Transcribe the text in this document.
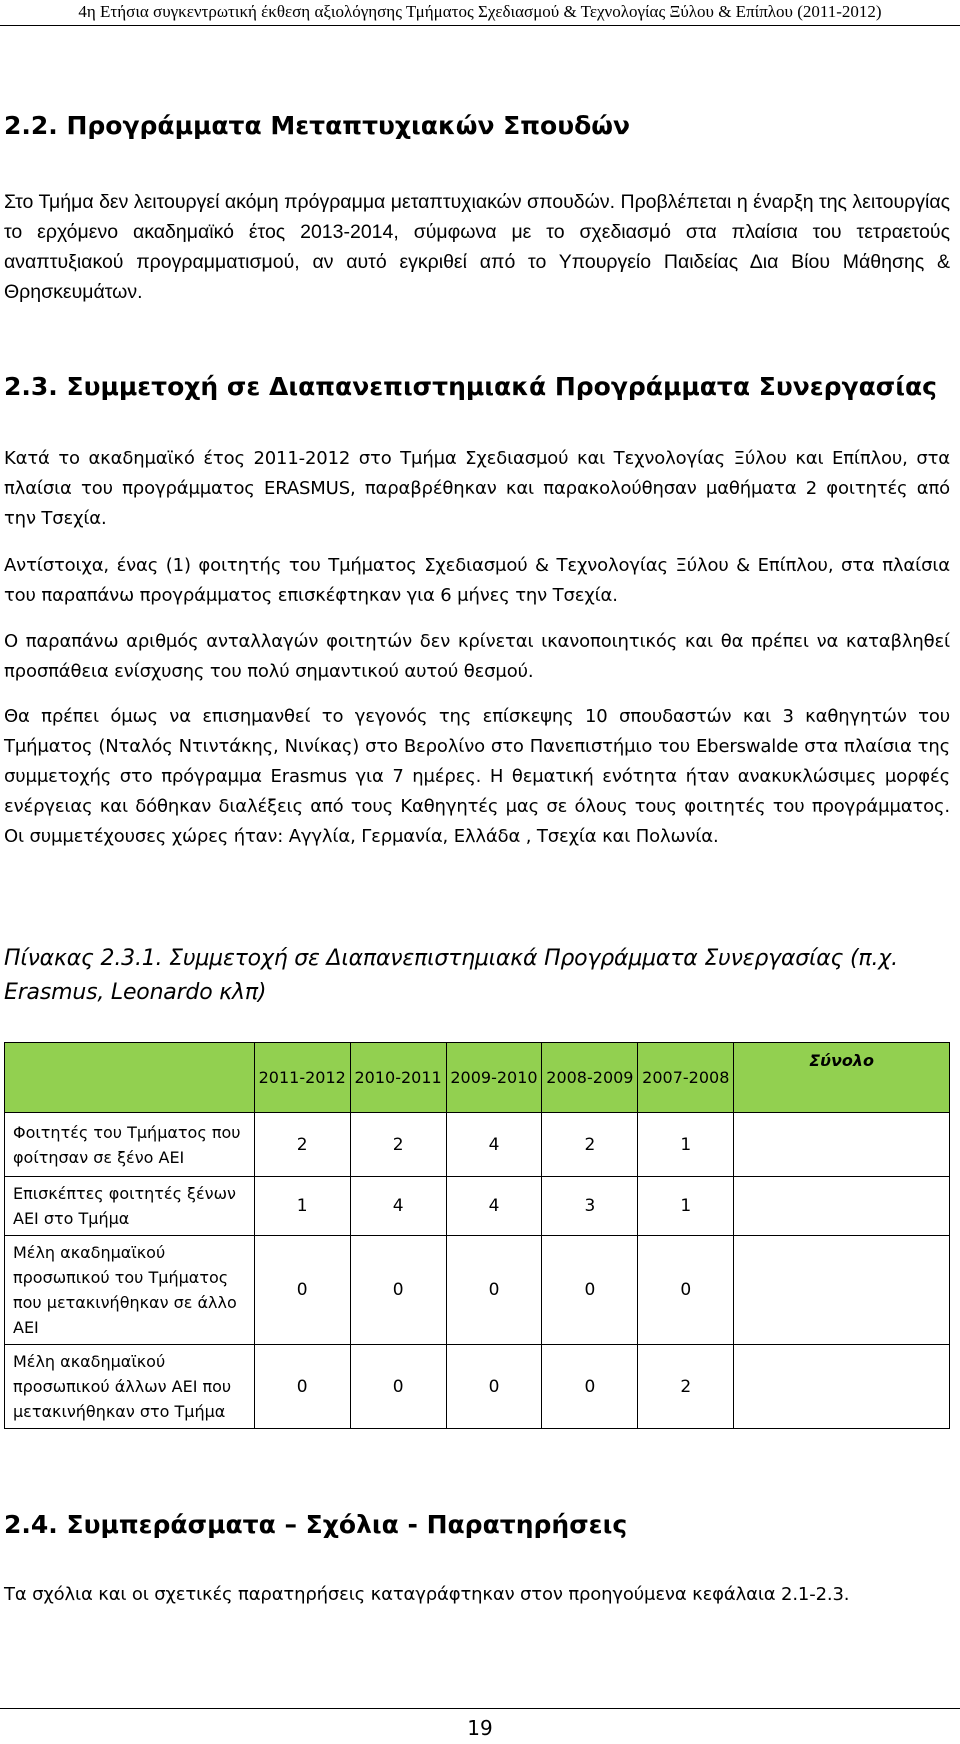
4η Ετήσια συγκεντρωτική έκθεση αξιολόγησης Τμήματος Σχεδιασμού & Τεχνολογίας Ξύλου & Επίπλου (2011-2012)
2.2. Προγράμματα Μεταπτυχιακών Σπουδών

Στο Τμήμα δεν λειτουργεί ακόμη πρόγραμμα μεταπτυχιακών σπουδών. Προβλέπεται η έναρξη της λειτουργίας το ερχόμενο ακαδημαϊκό έτος 2013-2014, σύμφωνα με το σχεδιασμό στα πλαίσια του τετραετούς αναπτυξιακού προγραμματισμού, αν αυτό εγκριθεί από το Υπουργείο Παιδείας Δια Βίου Μάθησης & Θρησκευμάτων.

2.3. Συμμετοχή σε Διαπανεπιστημιακά Προγράμματα Συνεργασίας

Κατά το ακαδημαϊκό έτος 2011-2012 στο Τμήμα Σχεδιασμού και Τεχνολογίας Ξύλου και Επίπλου, στα πλαίσια του προγράμματος ERASMUS, παραβρέθηκαν και παρακολούθησαν μαθήματα 2 φοιτητές από την Τσεχία.

Αντίστοιχα, ένας (1) φοιτητής του Τμήματος Σχεδιασμού & Τεχνολογίας Ξύλου & Επίπλου, στα πλαίσια του παραπάνω προγράμματος επισκέφτηκαν για 6 μήνες την Τσεχία.

Ο παραπάνω αριθμός ανταλλαγών φοιτητών δεν κρίνεται ικανοποιητικός και θα πρέπει να καταβληθεί προσπάθεια ενίσχυσης του πολύ σημαντικού αυτού θεσμού.

Θα πρέπει όμως να επισημανθεί το γεγονός της επίσκεψης 10 σπουδαστών και 3 καθηγητών του Τμήματος (Νταλός Ντιντάκης, Νινίκας) στο Βερολίνο στο Πανεπιστήμιο του Eberswalde στα πλαίσια της συμμετοχής στο πρόγραμμα Erasmus για 7 ημέρες. Η θεματική ενότητα ήταν ανακυκλώσιμες μορφές ενέργειας και δόθηκαν διαλέξεις από τους Καθηγητές μας σε όλους τους φοιτητές του προγράμματος. Οι συμμετέχουσες χώρες ήταν: Αγγλία, Γερμανία, Ελλάδα , Τσεχία και Πολωνία.

Πίνακας 2.3.1. Συμμετοχή σε Διαπανεπιστημιακά Προγράμματα Συνεργασίας (π.χ. Erasmus, Leonardo κλπ)

	2011-2012	2010-2011	2009-2010	2008-2009	2007-2008	Σύνολο
Φοιτητές του Τμήματος που φοίτησαν σε ξένο ΑΕΙ	2	2	4	2	1	
Επισκέπτες φοιτητές ξένων ΑΕΙ στο Τμήμα	1	4	4	3	1	
Μέλη ακαδημαϊκού προσωπικού του Τμήματος που μετακινήθηκαν σε άλλο ΑΕΙ	0	0	0	0	0	
Μέλη ακαδημαϊκού προσωπικού άλλων ΑΕΙ που μετακινήθηκαν στο Τμήμα	0	0	0	0	2	
2.4. Συμπεράσματα – Σχόλια - Παρατηρήσεις

Τα σχόλια και οι σχετικές παρατηρήσεις καταγράφτηκαν στον προηγούμενα κεφάλαια 2.1-2.3.

19
